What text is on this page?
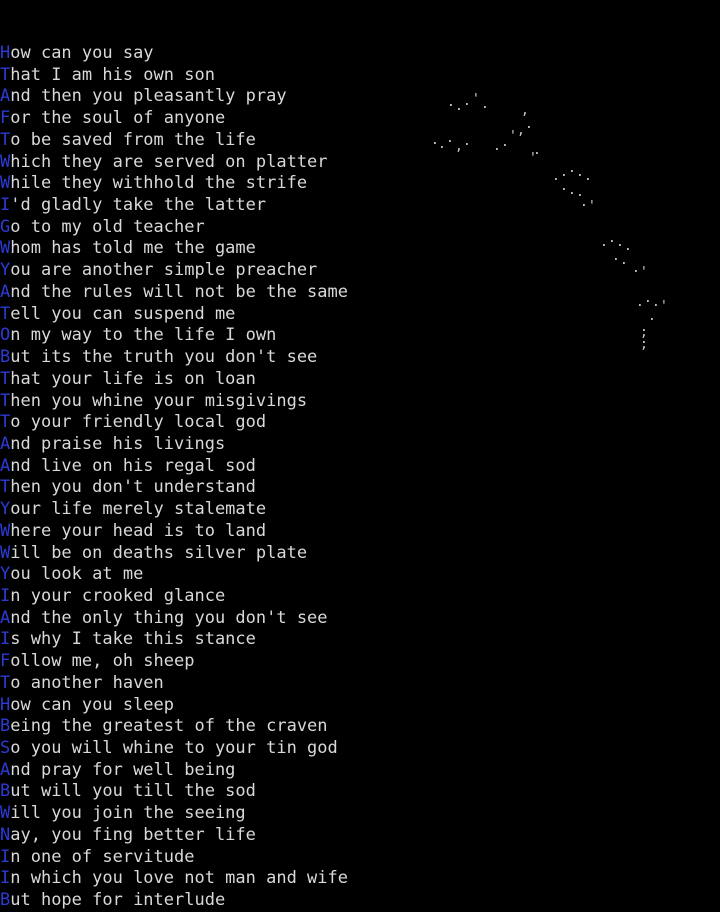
How can you say
That I am his own son
And then you pleasantly pray
For the soul of anyone
To be saved from the life
Which they are served on platter
While they withhold the strife
I'd gladly take the latter
Go to my old teacher
Whom has told me the game
You are another simple preacher
And the rules will not be the same
Tell you can suspend me
On my way to the life I own
But its the truth you don't see
That your life is on loan
Then you whine your misgivings
To your friendly local god
And praise his livings
And live on his regal sod
Then you don't understand
Your life merely stalemate
Where your head is to land
Will be on deaths silver plate
You look at me
In your crooked glance
And the only thing you don't see
Is why I take this stance
Follow me, oh sheep
To another haven
How can you sleep
Being the greatest of the craven
So you will whine to your tin god
And pray for well being
But will you till the sod
Will you join the seeing
Nay, you fing better life
In one of servitude
In which you love not man and wife
But hope for interlude
. . . ' . ,
. . .
, . . . ' , .
.
'
. . . . .
. . .
. '
. . . .
. .
. '
. . . '
.
;
;
